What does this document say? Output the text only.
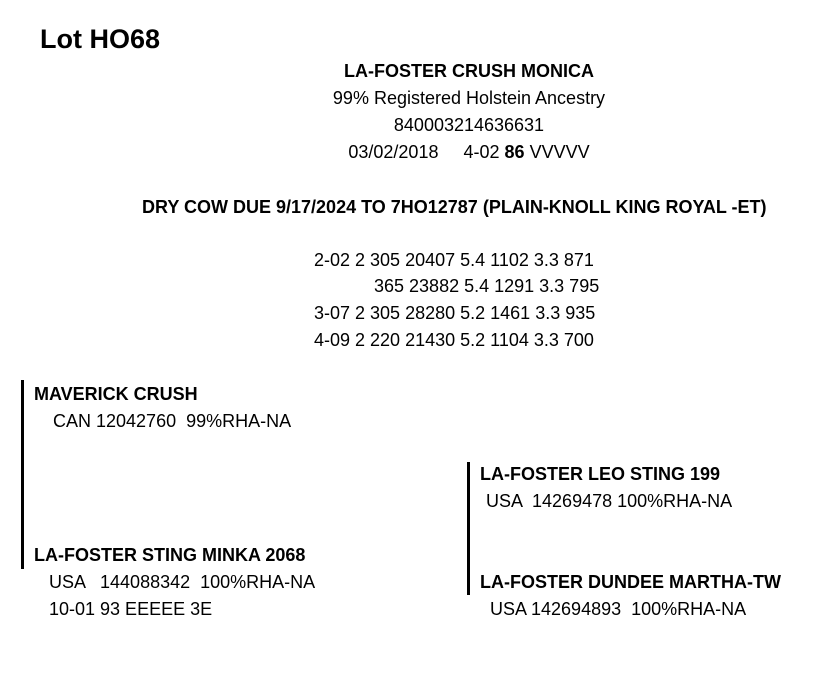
Lot HO68
LA-FOSTER CRUSH MONICA
99% Registered Holstein Ancestry
840003214636631
03/02/2018 4-02 86 VVVVV
DRY COW DUE 9/17/2024 TO 7HO12787 (PLAIN-KNOLL KING ROYAL -ET)
2-02 2 305 20407 5.4 1102 3.3 871
365 23882 5.4 1291 3.3 795
3-07 2 305 28280 5.2 1461 3.3 935
4-09 2 220 21430 5.2 1104 3.3 700
MAVERICK CRUSH
CAN 12042760  99%RHA-NA
LA-FOSTER STING MINKA 2068
USA   144088342  100%RHA-NA
10-01 93 EEEEE 3E
LA-FOSTER LEO STING 199
USA  14269478 100%RHA-NA
LA-FOSTER DUNDEE MARTHA-TW
USA 142694893  100%RHA-NA
